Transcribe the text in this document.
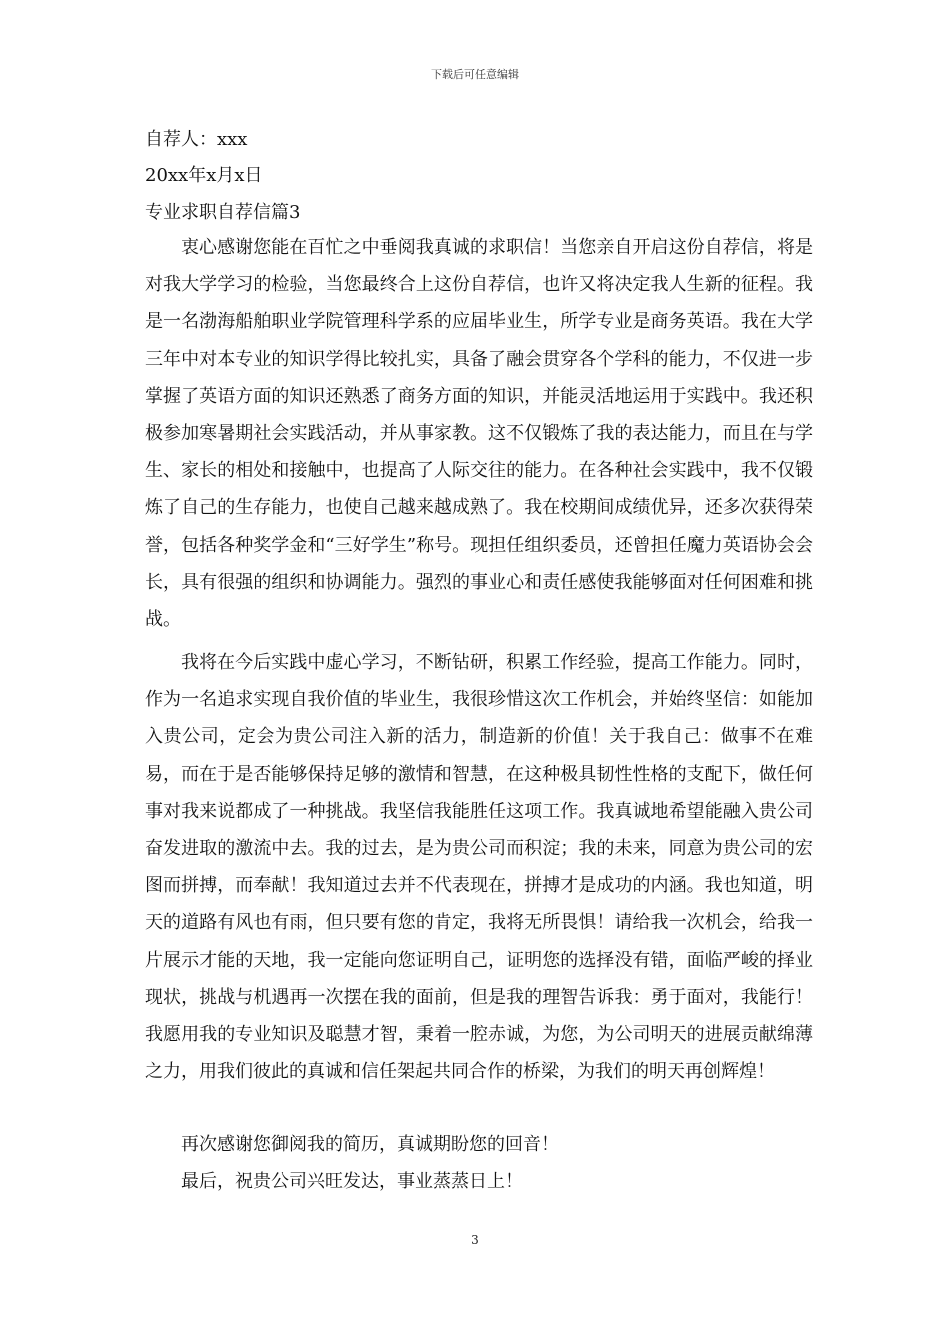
下载后可任意编辑
自荐人：xxx
20xx年x月x日
专业求职自荐信篇3
衷心感谢您能在百忙之中垂阅我真诚的求职信！当您亲自开启这份自荐信，将是对我大学学习的检验，当您最终合上这份自荐信，也许又将决定我人生新的征程。我是一名渤海船舶职业学院管理科学系的应届毕业生，所学专业是商务英语。我在大学三年中对本专业的知识学得比较扎实，具备了融会贯穿各个学科的能力，不仅进一步掌握了英语方面的知识还熟悉了商务方面的知识，并能灵活地运用于实践中。我还积极参加寒暑期社会实践活动，并从事家教。这不仅锻炼了我的表达能力，而且在与学生、家长的相处和接触中，也提高了人际交往的能力。在各种社会实践中，我不仅锻炼了自己的生存能力，也使自己越来越成熟了。我在校期间成绩优异，还多次获得荣誉，包括各种奖学金和“三好学生”称号。现担任组织委员，还曾担任魔力英语协会会长，具有很强的组织和协调能力。强烈的事业心和责任感使我能够面对任何困难和挑战。
我将在今后实践中虚心学习，不断钻研，积累工作经验，提高工作能力。同时，作为一名追求实现自我价值的毕业生，我很珍惜这次工作机会，并始终坚信：如能加入贵公司，定会为贵公司注入新的活力，制造新的价值！关于我自己：做事不在难易，而在于是否能够保持足够的激情和智慧，在这种极具韧性性格的支配下，做任何事对我来说都成了一种挑战。我坚信我能胜任这项工作。我真诚地希望能融入贵公司奋发进取的激流中去。我的过去，是为贵公司而积淀；我的未来，同意为贵公司的宏图而拼搏，而奉献！我知道过去并不代表现在，拼搏才是成功的内涵。我也知道，明天的道路有风也有雨，但只要有您的肯定，我将无所畏惧！请给我一次机会，给我一片展示才能的天地，我一定能向您证明自己，证明您的选择没有错，面临严峻的择业现状，挑战与机遇再一次摆在我的面前，但是我的理智告诉我：勇于面对，我能行！我愿用我的专业知识及聪慧才智，秉着一腔赤诚，为您，为公司明天的进展贡献绵薄之力，用我们彼此的真诚和信任架起共同合作的桥梁，为我们的明天再创辉煌！
再次感谢您御阅我的简历，真诚期盼您的回音！
最后，祝贵公司兴旺发达，事业蒸蒸日上！
3
